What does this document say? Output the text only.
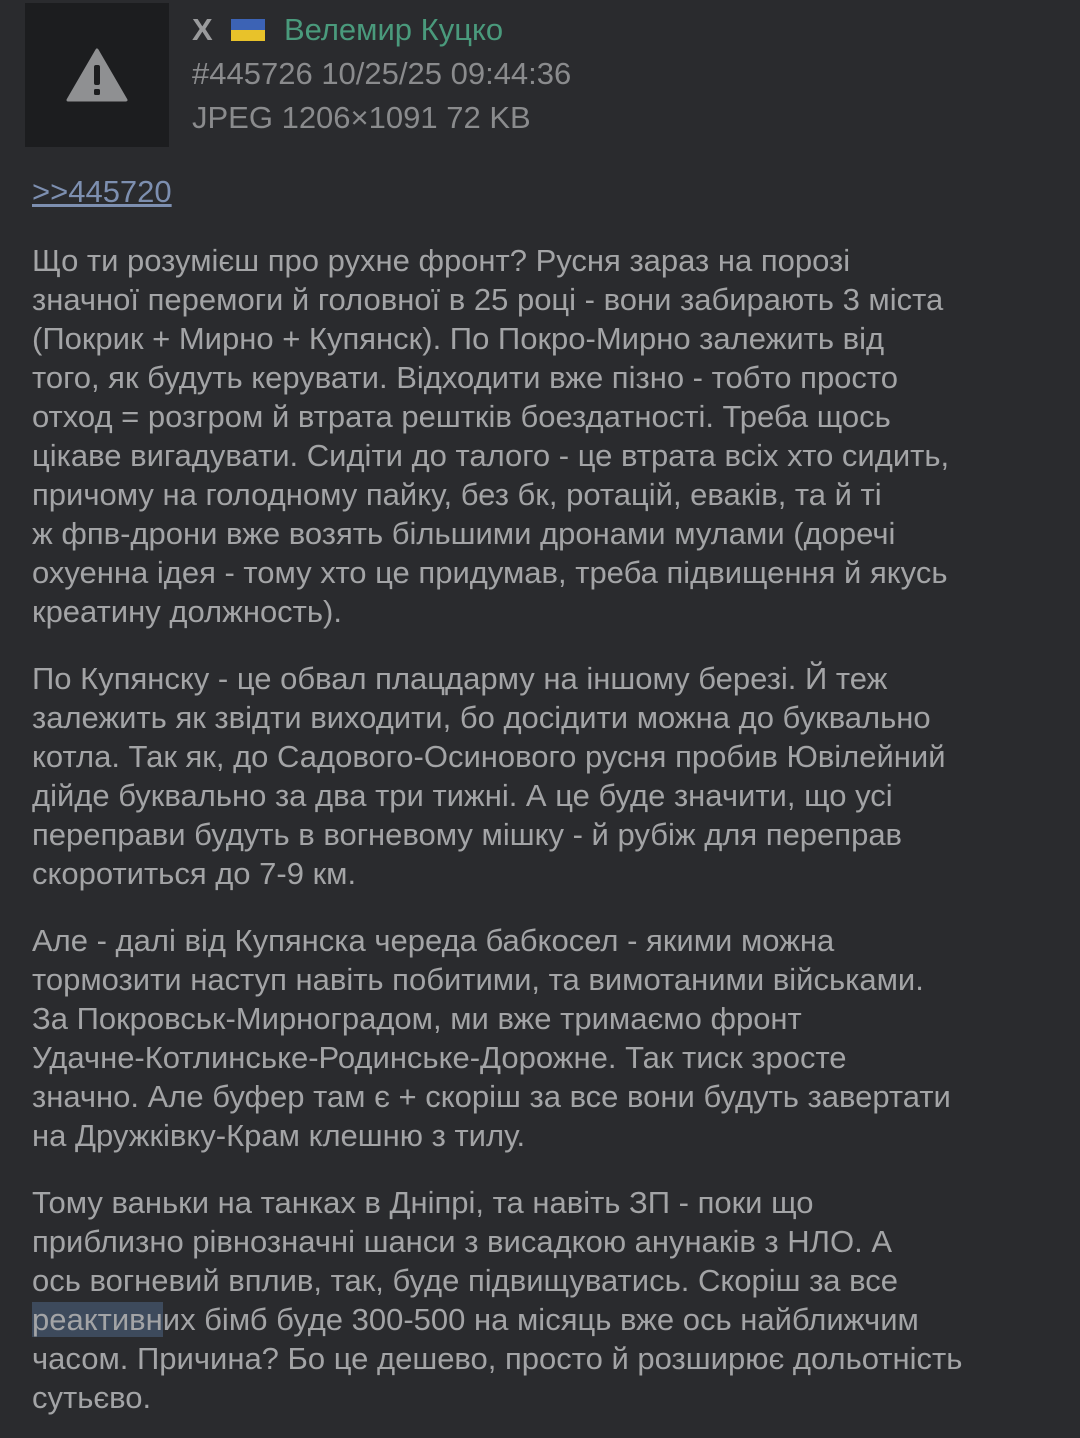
X Велемир Куцко
#445726 10/25/25 09:44:36
JPEG 1206×1091 72 KB
>>445720
Що ти розумієш про рухне фронт? Русня зараз на порозі
значної перемоги й головної в 25 році - вони забирають 3 міста
(Покрик + Мирно + Купянск). По Покро-Мирно залежить від
того, як будуть керувати. Відходити вже пізно - тобто просто
отход = розгром й втрата рештків боездатності. Треба щось
цікаве вигадувати. Сидіти до талого - це втрата всіх хто сидить,
причому на голодному пайку, без бк, ротацій, еваків, та й ті
ж фпв-дрони вже возять більшими дронами мулами (доречі
охуенна ідея - тому хто це придумав, треба підвищення й якусь
креатину должность).
По Купянску - це обвал плацдарму на іншому березі. Й теж
залежить як звідти виходити, бо досідити можна до буквально
котла. Так як, до Садового-Осинового русня пробив Ювілейний
дійде буквально за два три тижні. А це буде значити, що усі
переправи будуть в вогневому мішку - й рубіж для переправ
скоротиться до 7-9 км.
Але - далі від Купянска череда бабкосел - якими можна
тормозити наступ навіть побитими, та вимотаними військами.
За Покровськ-Мирноградом, ми вже тримаємо фронт
Удачне-Котлинське-Родинське-Дорожне. Так тиск зросте
значно. Але буфер там є + скоріш за все вони будуть завертати
на Дружківку-Крам клешню з тилу.
Тому ваньки на танках в Дніпрі, та навіть ЗП - поки що
приблизно рівнозначні шанси з висадкою анунаків з НЛО. А
ось вогневий вплив, так, буде підвищуватись. Скоріш за все
реактивних бімб буде 300-500 на місяць вже ось найближчим
часом. Причина? Бо це дешево, просто й розширює дольотність
сутьєво.
